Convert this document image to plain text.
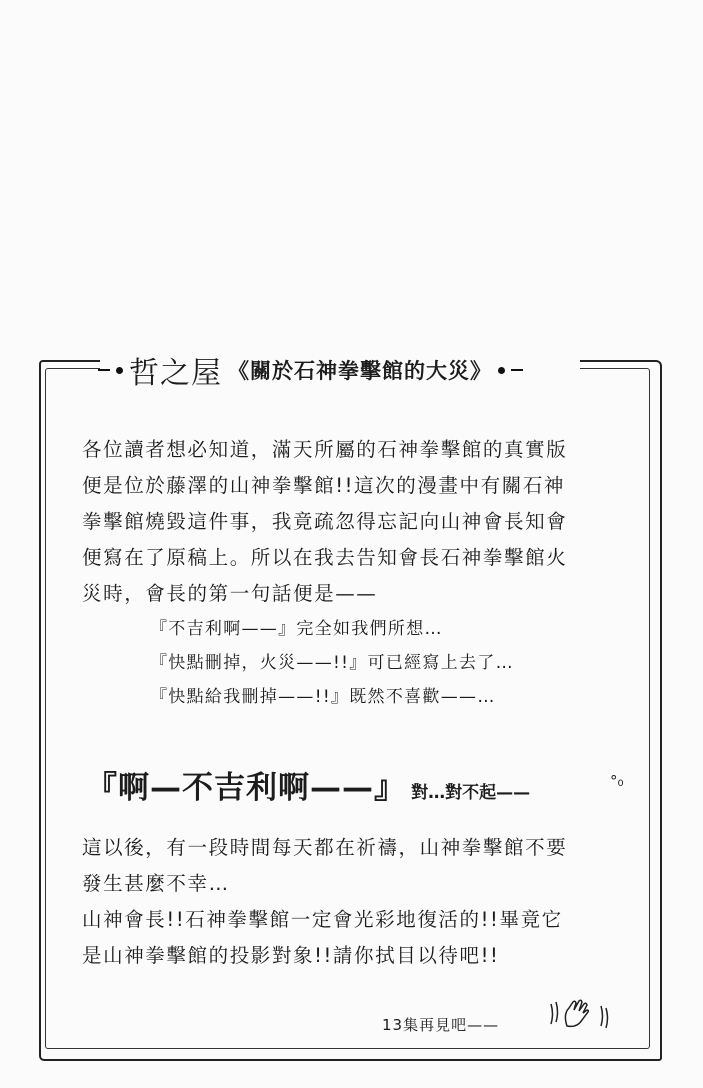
哲之屋 《關於石神拳擊館的大災》
各位讀者想必知道，滿天所屬的石神拳擊館的真實版
便是位於藤澤的山神拳擊館!!這次的漫畫中有關石神
拳擊館燒毀這件事，我竟疏忽得忘記向山神會長知會
便寫在了原稿上。所以在我去告知會長石神拳擊館火
災時，會長的第一句話便是——
『不吉利啊——』完全如我們所想…
『快點刪掉，火災——!!』可已經寫上去了…
『快點給我刪掉——!!』既然不喜歡——…
『啊—不吉利啊——』 對…對不起——
°₀
這以後，有一段時間每天都在祈禱，山神拳擊館不要
發生甚麼不幸…
山神會長!!石神拳擊館一定會光彩地復活的!!畢竟它
是山神拳擊館的投影對象!!請你拭目以待吧!!
13集再見吧——
